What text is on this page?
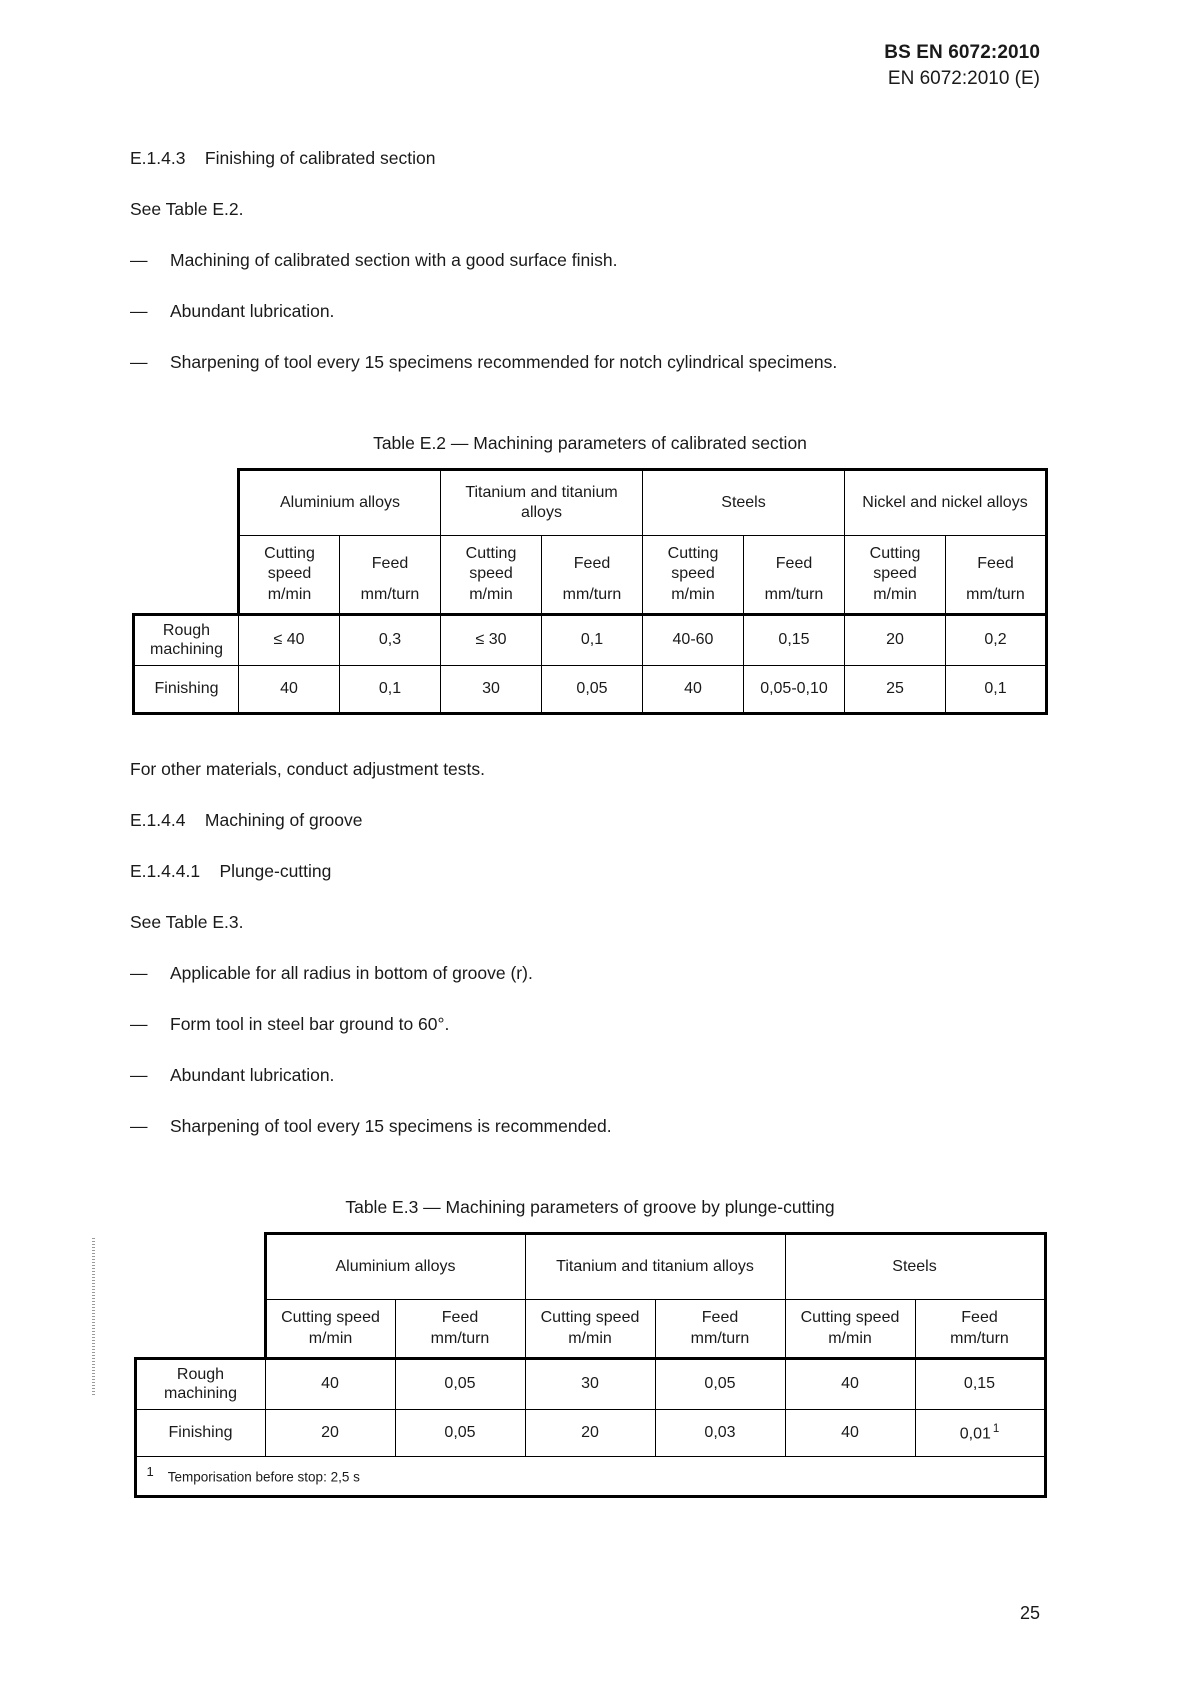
BS EN 6072:2010
EN 6072:2010 (E)
E.1.4.3    Finishing of calibrated section
See Table E.2.
—	Machining of calibrated section with a good surface finish.
—	Abundant lubrication.
—	Sharpening of tool every 15 specimens recommended for notch cylindrical specimens.
Table E.2 — Machining parameters of calibrated section
	Aluminium alloys		Titanium and titanium alloys		Steels		Nickel and nickel alloys	
	Cutting speed	Feed	Cutting speed	Feed	Cutting speed	Feed	Cutting speed	Feed
	m/min	mm/turn	m/min	mm/turn	m/min	mm/turn	m/min	mm/turn
Rough machining	≤ 40	0,3	≤ 30	0,1	40-60	0,15	20	0,2
Finishing	40	0,1	30	0,05	40	0,05-0,10	25	0,1
For other materials, conduct adjustment tests.
E.1.4.4    Machining of groove
E.1.4.4.1    Plunge-cutting
See Table E.3.
—	Applicable for all radius in bottom of groove (r).
—	Form tool in steel bar ground to 60°.
—	Abundant lubrication.
—	Sharpening of tool every 15 specimens is recommended.
Table E.3 — Machining parameters of groove by plunge-cutting
	Aluminium alloys		Titanium and titanium alloys		Steels	
	Cutting speed	Feed	Cutting speed	Feed	Cutting speed	Feed
	m/min	mm/turn	m/min	mm/turn	m/min	mm/turn
Rough machining	40	0,05	30	0,05	40	0,15
Finishing	20	0,05	20	0,03	40	0,01 $^1$
1 Temporisation before stop: 2,5 s						
25
